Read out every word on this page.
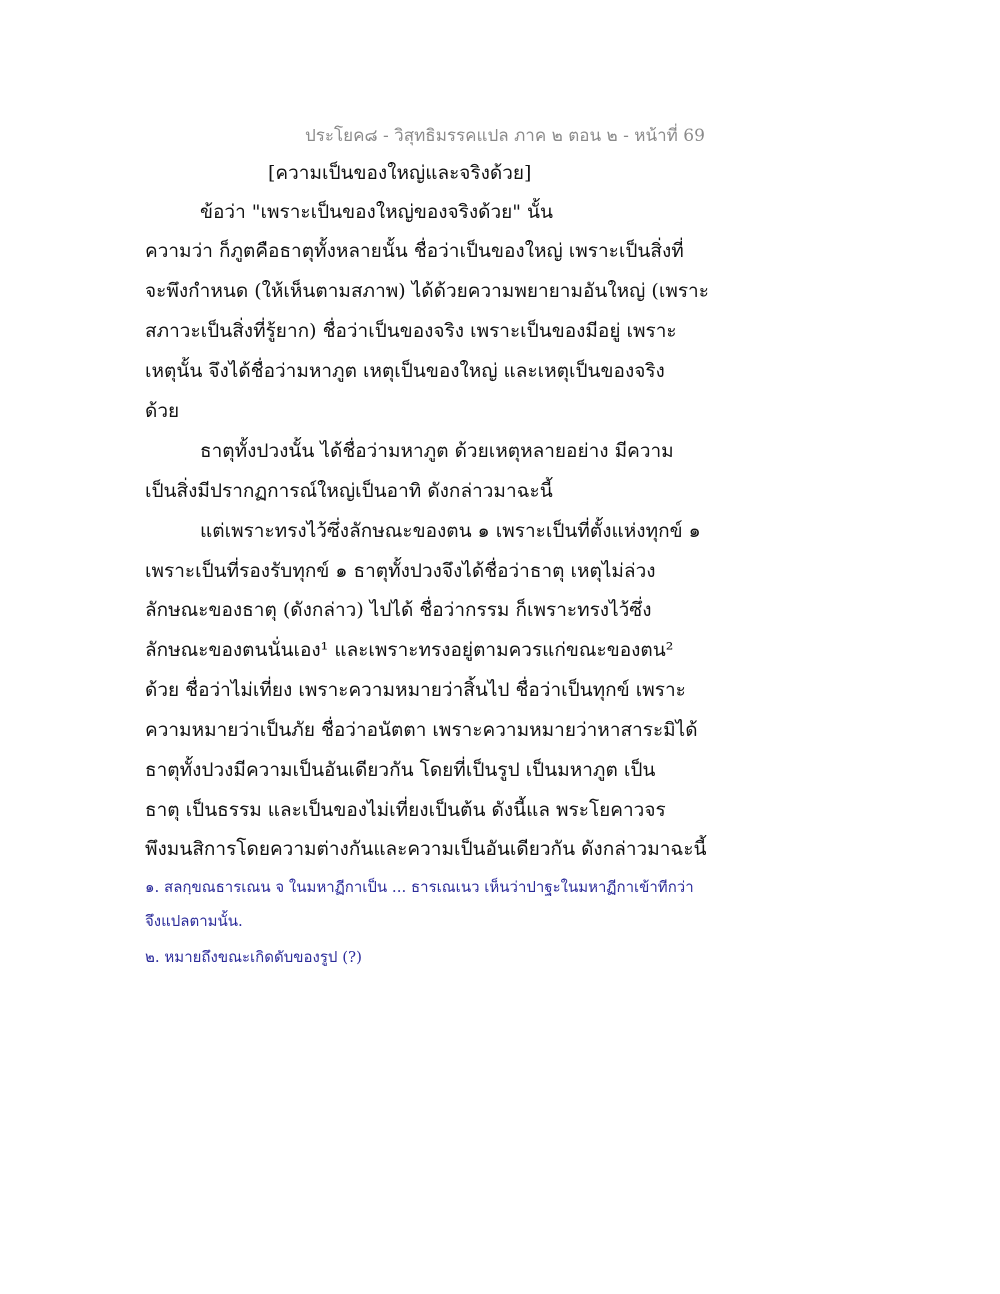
ประโยค๘ - วิสุทธิมรรคแปล ภาค ๒ ตอน ๒ - หน้าที่ 69
[ความเป็นของใหญ่และจริงด้วย]
ข้อว่า "เพราะเป็นของใหญ่ของจริงด้วย" นั้น
ความว่า ก็ภูตคือธาตุทั้งหลายนั้น ชื่อว่าเป็นของใหญ่ เพราะเป็นสิ่งที่
จะพึงกำหนด (ให้เห็นตามสภาพ) ได้ด้วยความพยายามอันใหญ่ (เพราะ
สภาวะเป็นสิ่งที่รู้ยาก) ชื่อว่าเป็นของจริง เพราะเป็นของมีอยู่ เพราะ
เหตุนั้น จึงได้ชื่อว่ามหาภูต เหตุเป็นของใหญ่ และเหตุเป็นของจริง
ด้วย
ธาตุทั้งปวงนั้น ได้ชื่อว่ามหาภูต ด้วยเหตุหลายอย่าง มีความ
เป็นสิ่งมีปรากฏการณ์ใหญ่เป็นอาทิ ดังกล่าวมาฉะนี้
แต่เพราะทรงไว้ซึ่งลักษณะของตน ๑ เพราะเป็นที่ตั้งแห่งทุกข์ ๑
เพราะเป็นที่รองรับทุกข์ ๑ ธาตุทั้งปวงจึงได้ชื่อว่าธาตุ เหตุไม่ล่วง
ลักษณะของธาตุ (ดังกล่าว) ไปได้ ชื่อว่ากรรม ก็เพราะทรงไว้ซึ่ง
ลักษณะของตนนั่นเอง¹ และเพราะทรงอยู่ตามควรแก่ขณะของตน²
ด้วย ชื่อว่าไม่เที่ยง เพราะความหมายว่าสิ้นไป ชื่อว่าเป็นทุกข์ เพราะ
ความหมายว่าเป็นภัย ชื่อว่าอนัตตา เพราะความหมายว่าหาสาระมิได้
ธาตุทั้งปวงมีความเป็นอันเดียวกัน โดยที่เป็นรูป เป็นมหาภูต เป็น
ธาตุ เป็นธรรม และเป็นของไม่เที่ยงเป็นต้น ดังนี้แล พระโยคาวจร
พึงมนสิการโดยความต่างกันและความเป็นอันเดียวกัน ดังกล่าวมาฉะนี้
๑. สลกฺขณธารเณน จ ในมหาฏีกาเป็น ... ธารเณเนว เห็นว่าปาฐะในมหาฏีกาเข้าทีกว่า
จึงแปลตามนั้น.
๒. หมายถึงขณะเกิดดับของรูป (?)
